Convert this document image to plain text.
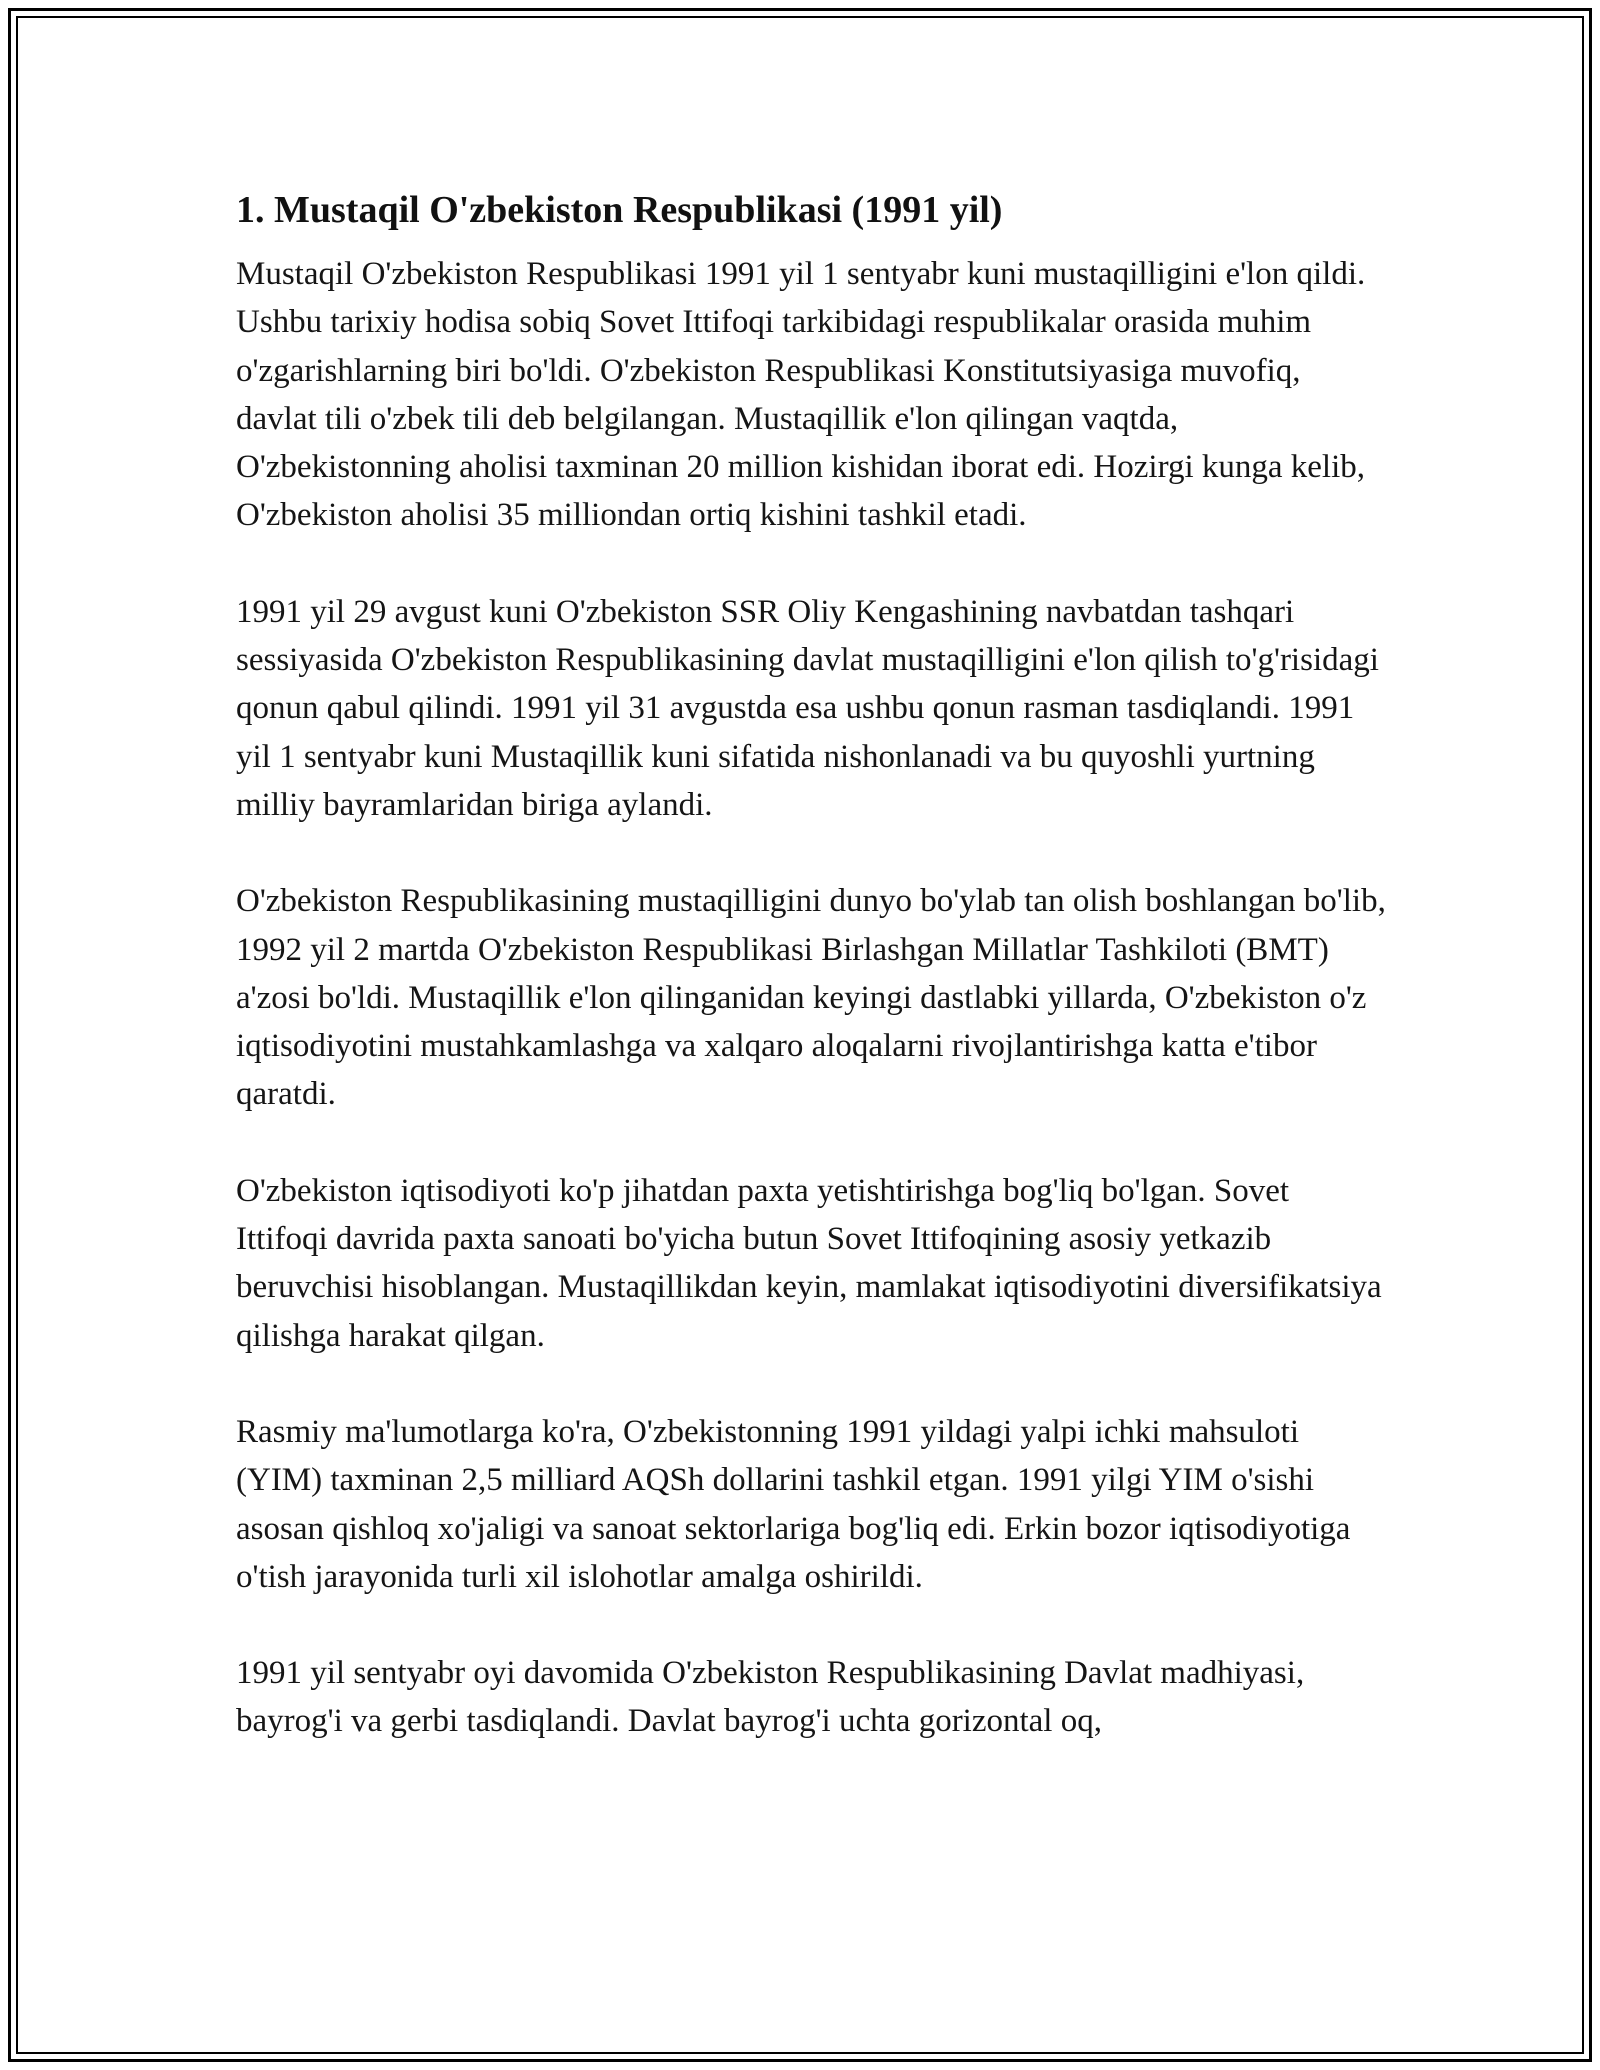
1. Mustaqil O'zbekiston Respublikasi (1991 yil)

Mustaqil O'zbekiston Respublikasi 1991 yil 1 sentyabr kuni mustaqilligini e'lon qildi. Ushbu tarixiy hodisa sobiq Sovet Ittifoqi tarkibidagi respublikalar orasida muhim o'zgarishlarning biri bo'ldi. O'zbekiston Respublikasi Konstitutsiyasiga muvofiq, davlat tili o'zbek tili deb belgilangan. Mustaqillik e'lon qilingan vaqtda, O'zbekistonning aholisi taxminan 20 million kishidan iborat edi. Hozirgi kunga kelib, O'zbekiston aholisi 35 milliondan ortiq kishini tashkil etadi.

1991 yil 29 avgust kuni O'zbekiston SSR Oliy Kengashining navbatdan tashqari sessiyasida O'zbekiston Respublikasining davlat mustaqilligini e'lon qilish to'g'risidagi qonun qabul qilindi. 1991 yil 31 avgustda esa ushbu qonun rasman tasdiqlandi. 1991 yil 1 sentyabr kuni Mustaqillik kuni sifatida nishonlanadi va bu quyoshli yurtning milliy bayramlaridan biriga aylandi.

O'zbekiston Respublikasining mustaqilligini dunyo bo'ylab tan olish boshlangan bo'lib, 1992 yil 2 martda O'zbekiston Respublikasi Birlashgan Millatlar Tashkiloti (BMT) a'zosi bo'ldi. Mustaqillik e'lon qilinganidan keyingi dastlabki yillarda, O'zbekiston o'z iqtisodiyotini mustahkamlashga va xalqaro aloqalarni rivojlantirishga katta e'tibor qaratdi.

O'zbekiston iqtisodiyoti ko'p jihatdan paxta yetishtirishga bog'liq bo'lgan. Sovet Ittifoqi davrida paxta sanoati bo'yicha butun Sovet Ittifoqining asosiy yetkazib beruvchisi hisoblangan. Mustaqillikdan keyin, mamlakat iqtisodiyotini diversifikatsiya qilishga harakat qilgan.

Rasmiy ma'lumotlarga ko'ra, O'zbekistonning 1991 yildagi yalpi ichki mahsuloti (YIM) taxminan 2,5 milliard AQSh dollarini tashkil etgan. 1991 yilgi YIM o'sishi asosan qishloq xo'jaligi va sanoat sektorlariga bog'liq edi. Erkin bozor iqtisodiyotiga o'tish jarayonida turli xil islohotlar amalga oshirildi.

1991 yil sentyabr oyi davomida O'zbekiston Respublikasining Davlat madhiyasi, bayrog'i va gerbi tasdiqlandi. Davlat bayrog'i uchta gorizontal oq,
